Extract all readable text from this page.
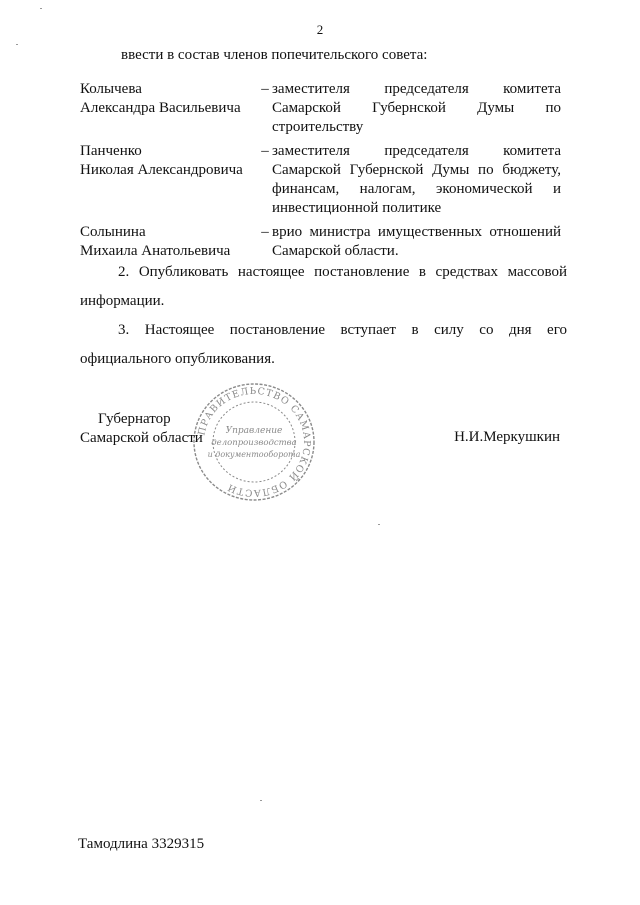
2
ввести в состав членов попечительского совета:
Колычева
Александра Васильевича
– заместителя председателя комитета
Самарской Губернской Думы по
строительству
Панченко
Николая Александровича
– заместителя председателя комитета
Самарской Губернской Думы по бюджету,
финансам, налогам, экономической и
инвестиционной политике
Солынина
Михаила Анатольевича
– врио министра имущественных отношений
Самарской области.
2. Опубликовать настоящее постановление в средствах массовой
информации.
3. Настоящее постановление вступает в силу со дня его
официального опубликования.
ПРАВИТЕЛЬСТВО САМАРСКОЙ ОБЛАСТИ
Управление
делопроизводства
и документооборота
Губернатор
Самарской области	Н.И.Меркушкин
Тамодлина 3329315
